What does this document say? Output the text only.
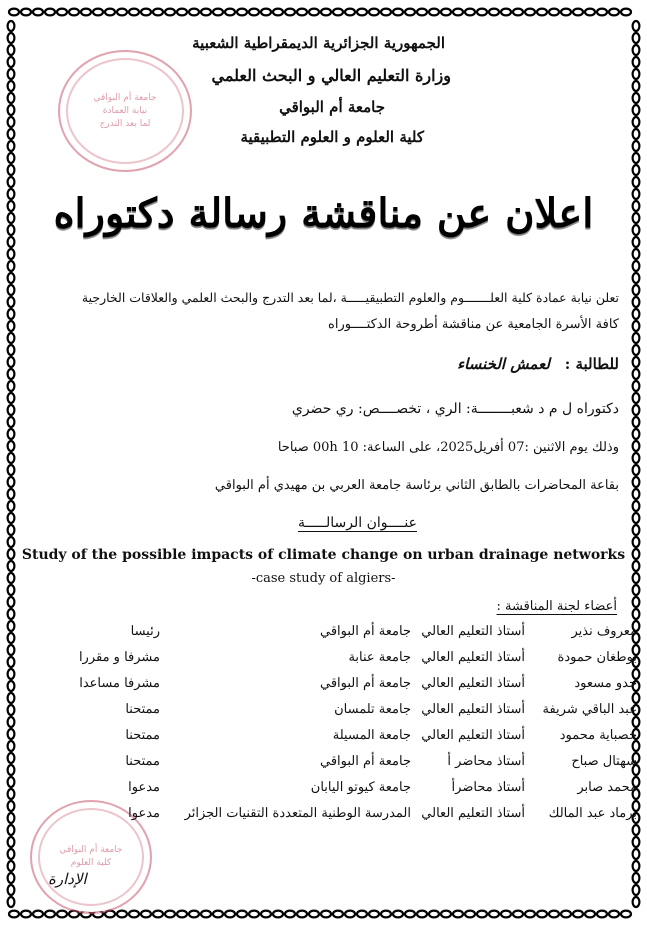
جامعة أم البواقي
نيابة العمادة
لما بعد التدرج
جامعة أم البواقي
كلية العلوم
الجمهورية الجزائرية الديمقراطية الشعبية
وزارة التعليم العالي و البحث العلمي
جامعة أم البواقي
كلية العلوم و العلوم التطبيقية
اعلان عن مناقشة رسالة دكتوراه
تعلن نيابة عمادة كلية العلـــــــوم والعلوم التطبيقيـــــة ،لما بعد التدرج والبحث العلمي والعلاقات الخارجية
كافة الأسرة الجامعية عن مناقشة أطروحة الدكتــــوراه
للطالبة : لعمش الخنساء
دكتوراه ل م د شعبــــــــة: الري ، تخصــــص: ري حضري
وذلك يوم الاثنين :07 أفريل2025، على الساعة: 00h 10 صباحا
بقاعة المحاضرات بالطابق الثاني برئاسة جامعة العربي بن مهيدي أم البواقي
عنــــوان الرسالـــــة
Study of the possible impacts of climate change on urban drainage networks
-case study of algiers-
أعضاء لجنة المناقشة :
معروف نذير
أستاذ التعليم العالي
جامعة أم البواقي
رئيسا
بوطغان حمودة
أستاذ التعليم العالي
جامعة عنابة
مشرفا و مقررا
جدو مسعود
أستاذ التعليم العالي
جامعة أم البواقي
مشرفا مساعدا
عبد الباقي شريفة
أستاذ التعليم العالي
جامعة تلمسان
ممتحنا
حصباية محمود
أستاذ التعليم العالي
جامعة المسيلة
ممتحنا
سهتال صباح
أستاذ محاضر أ
جامعة أم البواقي
ممتحنا
محمد صابر
أستاذ محاضرأ
جامعة كيوتو اليابان
مدعوا
برماد عبد المالك
أستاذ التعليم العالي
المدرسة الوطنية المتعددة التقنيات الجزائر
مدعوا
الإدارة
